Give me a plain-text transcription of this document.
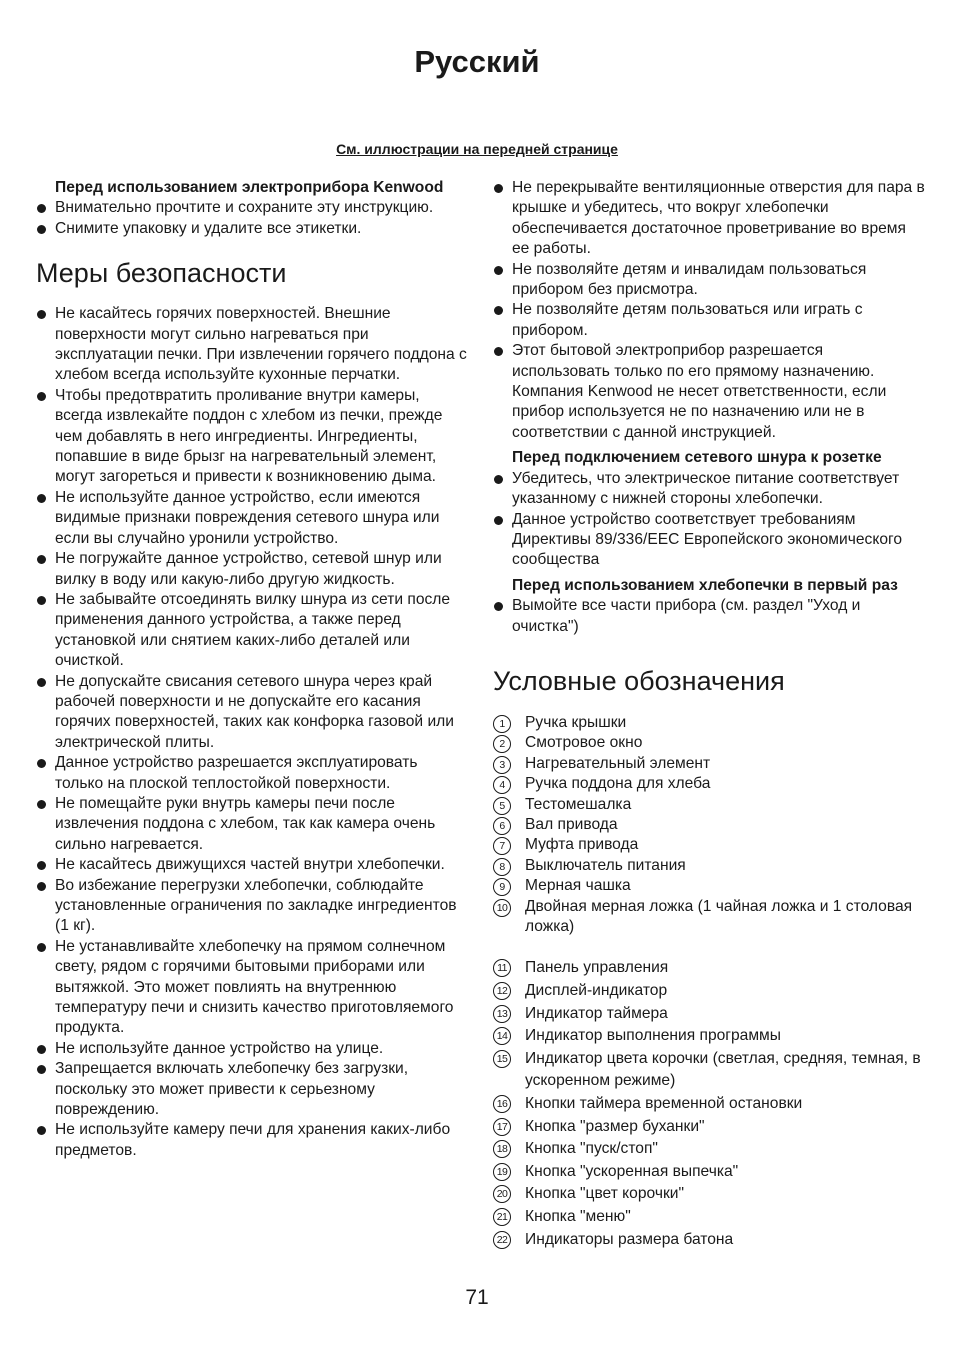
Русский

См. иллюстрации на передней странице

Перед использованием электроприбора Kenwood

Внимательно прочтите и сохраните эту инструкцию.
Снимите упаковку и удалите все этикетки.
Меры безопасности
Не касайтесь горячих поверхностей. Внешние поверхности могут сильно нагреваться при эксплуатации печки. При извлечении горячего поддона с хлебом всегда используйте кухонные перчатки.
Чтобы предотвратить проливание внутри камеры, всегда извлекайте поддон с хлебом из печки, прежде чем добавлять в него ингредиенты. Ингредиенты, попавшие в виде брызг на нагревательный элемент, могут загореться и привести к возникновению дыма.
Не используйте данное устройство, если имеются видимые признаки повреждения сетевого шнура или если вы случайно уронили устройство.
Не погружайте данное устройство, сетевой шнур или вилку в воду или какую-либо другую жидкость.
Не забывайте отсоединять вилку шнура из сети после применения данного устройства, а также перед установкой или снятием каких-либо деталей или очисткой.
Не допускайте свисания сетевого шнура через край рабочей поверхности и не допускайте его касания горячих поверхностей, таких как конфорка газовой или электрической плиты.
Данное устройство разрешается эксплуатировать только на плоской теплостойкой поверхности.
Не помещайте руки внутрь камеры печи после извлечения поддона с хлебом, так как камера очень сильно нагревается.
Не касайтесь движущихся частей внутри хлебопечки.
Во избежание перегрузки хлебопечки, соблюдайте установленные ограничения по закладке ингредиентов (1 кг).
Не устанавливайте хлебопечку на прямом солнечном свету, рядом с горячими бытовыми приборами или вытяжкой. Это может повлиять на внутреннюю температуру печи и снизить качество приготовляемого продукта.
Не используйте данное устройство на улице.
Запрещается включать хлебопечку без загрузки, поскольку это может привести к серьезному повреждению.
Не используйте камеру печи для хранения каких-либо предметов.
Не перекрывайте вентиляционные отверстия для пара в крышке и убедитесь, что вокруг хлебопечки обеспечивается достаточное проветривание во время ее работы.
Не позволяйте детям и инвалидам пользоваться прибором без присмотра.
Не позволяйте детям пользоваться или играть с прибором.
Этот бытовой электроприбор разрешается использовать только по его прямому назначению. Компания Kenwood не несет ответственности, если прибор используется не по назначению или не в соответствии с данной инструкцией.

Перед подключением сетевого шнура к розетке

Убедитесь, что электрическое питание соответствует указанному с нижней стороны хлебопечки.
Данное устройство соответствует требованиям Директивы 89/336/EEC Европейского экономического сообщества

Перед использованием хлебопечки в первый раз

Вымойте все части прибора (см. раздел "Уход и очистка")
Условные обозначения
1	Ручка крышки
2	Смотровое окно
3	Нагревательный элемент
4	Ручка поддона для хлеба
5	Тестомешалка
6	Вал привода
7	Муфта привода
8	Выключатель питания
9	Мерная чашка
10 Двойная мерная ложка (1 чайная ложка и 1 столовая ложка)
11 Панель управления
12 Дисплей-индикатор
13 Индикатор таймера
14 Индикатор выполнения программы
15 Индикатор цвета корочки (светлая, средняя, темная, в ускоренном режиме)
16 Кнопки таймера временной остановки
17 Кнопка "размер буханки"
18 Кнопка "пуск/стоп"
19 Кнопка "ускоренная выпечка"
20 Кнопка "цвет корочки"
21 Кнопка "меню"
22 Индикаторы размера батона

71
